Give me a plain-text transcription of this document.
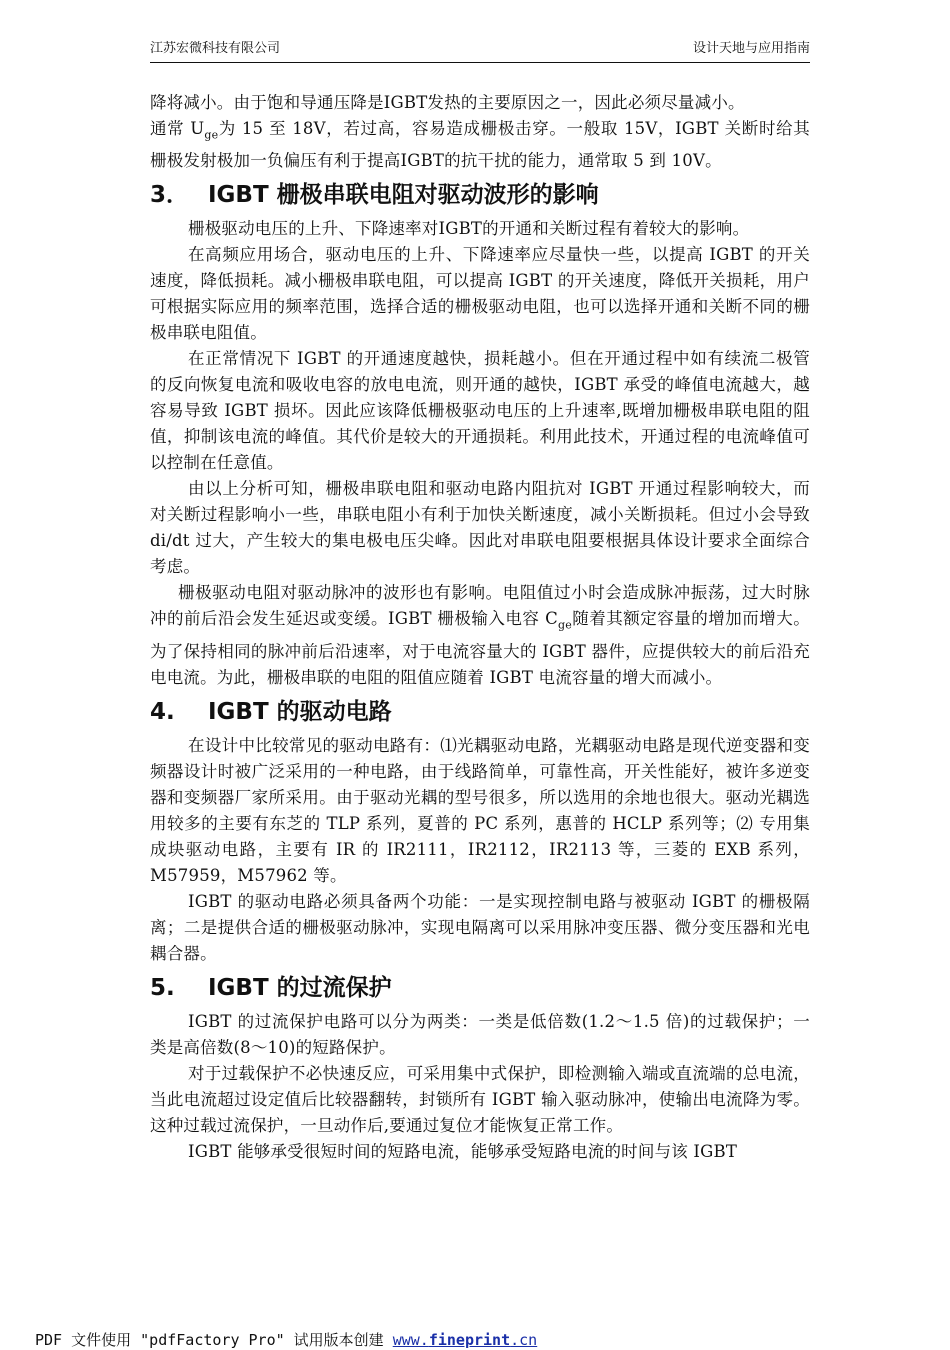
江苏宏微科技有限公司	设计天地与应用指南

降将减小。由于饱和导通压降是IGBT发热的主要原因之一，因此必须尽量减小。

通常 $U_{ge}$为 15 至 18V，若过高，容易造成栅极击穿。一般取 15V，IGBT 关断时给其栅极发射极加一负偏压有利于提高IGBT的抗干扰的能力，通常取 5 到 10V。

3． IGBT 栅极串联电阻对驱动波形的影响

栅极驱动电压的上升、下降速率对IGBT的开通和关断过程有着较大的影响。

在高频应用场合，驱动电压的上升、下降速率应尽量快一些，以提高 IGBT 的开关速度，降低损耗。减小栅极串联电阻，可以提高 IGBT 的开关速度，降低开关损耗，用户可根据实际应用的频率范围，选择合适的栅极驱动电阻，也可以选择开通和关断不同的栅极串联电阻值。

在正常情况下 IGBT 的开通速度越快，损耗越小。但在开通过程中如有续流二极管的反向恢复电流和吸收电容的放电电流，则开通的越快，IGBT 承受的峰值电流越大，越容易导致 IGBT 损坏。因此应该降低栅极驱动电压的上升速率,既增加栅极串联电阻的阻值，抑制该电流的峰值。其代价是较大的开通损耗。利用此技术，开通过程的电流峰值可以控制在任意值。

由以上分析可知，栅极串联电阻和驱动电路内阻抗对 IGBT 开通过程影响较大，而对关断过程影响小一些，串联电阻小有利于加快关断速度，减小关断损耗。但过小会导致 di/dt 过大，产生较大的集电极电压尖峰。因此对串联电阻要根据具体设计要求全面综合考虑。

栅极驱动电阻对驱动脉冲的波形也有影响。电阻值过小时会造成脉冲振荡，过大时脉冲的前后沿会发生延迟或变缓。IGBT 栅极输入电容 $C_{ge}$随着其额定容量的增加而增大。为了保持相同的脉冲前后沿速率，对于电流容量大的 IGBT 器件，应提供较大的前后沿充电电流。为此，栅极串联的电阻的阻值应随着 IGBT 电流容量的增大而减小。

4. IGBT 的驱动电路

在设计中比较常见的驱动电路有：⑴光耦驱动电路，光耦驱动电路是现代逆变器和变频器设计时被广泛采用的一种电路，由于线路简单，可靠性高，开关性能好，被许多逆变器和变频器厂家所采用。由于驱动光耦的型号很多，所以选用的余地也很大。驱动光耦选用较多的主要有东芝的 TLP 系列，夏普的 PC 系列，惠普的 HCLP 系列等；⑵ 专用集成块驱动电路，主要有 IR 的 IR2111，IR2112，IR2113 等，三菱的 EXB 系列，M57959，M57962 等。

IGBT 的驱动电路必须具备两个功能：一是实现控制电路与被驱动 IGBT 的栅极隔离；二是提供合适的栅极驱动脉冲，实现电隔离可以采用脉冲变压器、微分变压器和光电耦合器。

5. IGBT 的过流保护

IGBT 的过流保护电路可以分为两类：一类是低倍数(1.2～1.5 倍)的过载保护；一类是高倍数(8～10)的短路保护。

对于过载保护不必快速反应，可采用集中式保护，即检测输入端或直流端的总电流，当此电流超过设定值后比较器翻转，封锁所有 IGBT 输入驱动脉冲，使输出电流降为零。这种过载过流保护，一旦动作后,要通过复位才能恢复正常工作。

IGBT 能够承受很短时间的短路电流，能够承受短路电流的时间与该 IGBT

PDF 文件使用 "pdfFactory Pro" 试用版本创建 www.fineprint.cn
